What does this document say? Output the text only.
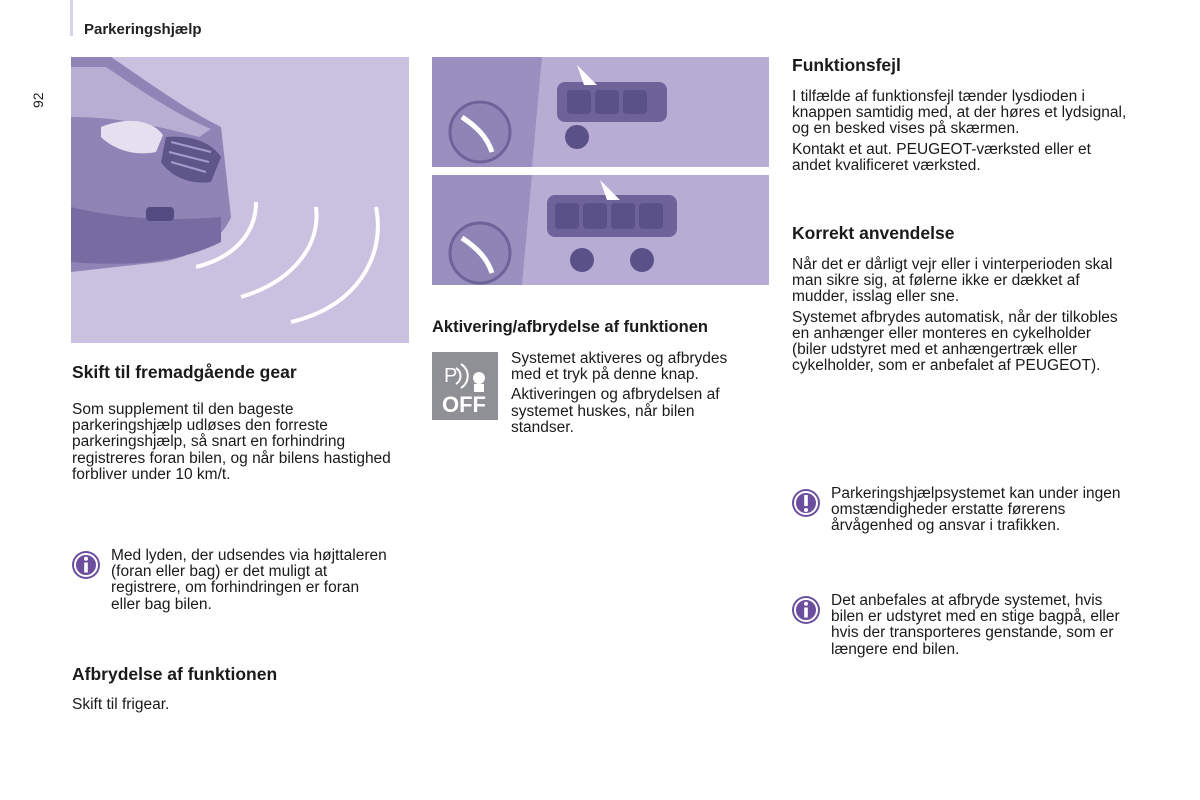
Parkeringshjælp
92
Skift til fremadgående gear

Som supplement til den bageste parkeringshjælp udløses den forreste parkeringshjælp, så snart en forhindring registreres foran bilen, og når bilens hastighed forbliver under 10 km/t.

Med lyden, der udsendes via højttaleren (foran eller bag) er det muligt at registrere, om forhindringen er foran eller bag bilen.
Afbrydelse af funktionen
Skift til frigear.
Aktivering/afbrydelse af funktionen
P
OFF

Systemet aktiveres og afbrydes med et tryk på denne knap.

Aktiveringen og afbrydelsen af systemet huskes, når bilen standser.

Funktionsfejl

I tilfælde af funktionsfejl tænder lysdioden i knappen samtidig med, at der høres et lydsignal, og en besked vises på skærmen.

Kontakt et aut. PEUGEOT-værksted eller et andet kvalificeret værksted.

Korrekt anvendelse

Når det er dårligt vejr eller i vinterperioden skal man sikre sig, at følerne ikke er dækket af mudder, isslag eller sne.

Systemet afbrydes automatisk, når der tilkobles en anhænger eller monteres en cykelholder (biler udstyret med et anhængertræk eller cykelholder, som er anbefalet af PEUGEOT).

Parkeringshjælpsystemet kan under ingen omstændigheder erstatte førerens årvågenhed og ansvar i trafikken.
Det anbefales at afbryde systemet, hvis bilen er udstyret med en stige bagpå, eller hvis der transporteres genstande, som er længere end bilen.
